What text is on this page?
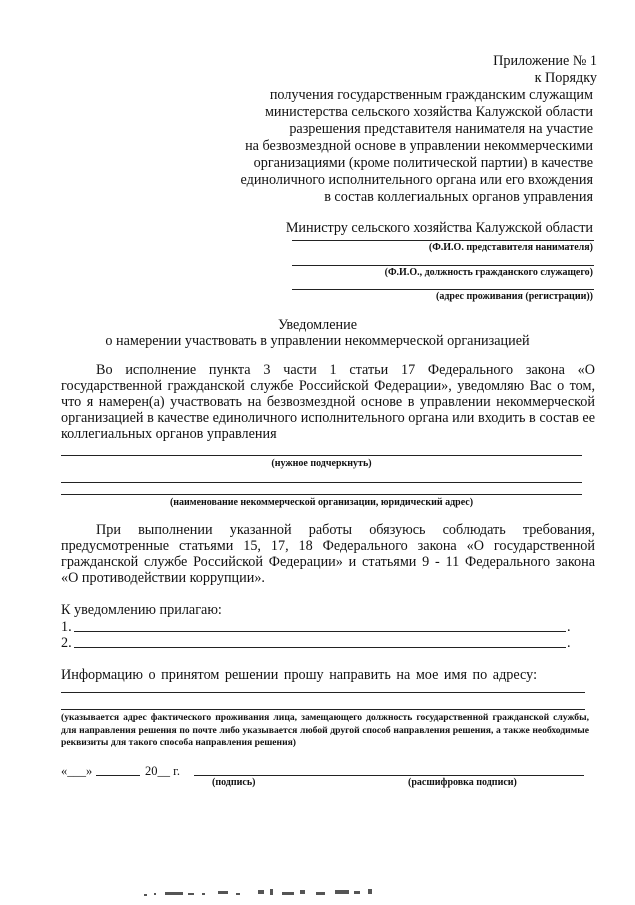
Приложение № 1
к Порядку
получения государственным гражданским служащим
министерства сельского хозяйства Калужской области
разрешения представителя нанимателя на участие
на безвозмездной основе в управлении некоммерческими
организациями (кроме политической партии) в качестве
единоличного исполнительного органа или его вхождения
в состав коллегиальных органов управления
Министру сельского хозяйства Калужской области
(Ф.И.О. представителя нанимателя)
(Ф.И.О., должность гражданского служащего)
(адрес проживания (регистрации))
Уведомление
о намерении участвовать в управлении некоммерческой организацией
Во исполнение пункта 3 части 1 статьи 17 Федерального закона «О
государственной гражданской службе Российской Федерации», уведомляю Вас о том,
что я намерен(а) участвовать на безвозмездной основе в управлении некоммерческой
организацией в качестве единоличного исполнительного органа или входить в состав ее
коллегиальных органов управления
(нужное подчеркнуть)
(наименование некоммерческой организации, юридический адрес)
При выполнении указанной работы обязуюсь соблюдать требования,
предусмотренные статьями 15, 17, 18 Федерального закона «О государственной
гражданской службе Российской Федерации» и статьями 9 - 11 Федерального закона
«О противодействии коррупции».
К уведомлению прилагаю:
1.	.
2.	.
Информацию о принятом решении прошу направить на мое имя по адресу:
(указывается адрес фактического проживания лица, замещающего должность государственной гражданской службы, для направления решения по почте либо указывается любой другой способ направления решения, а также необходимые реквизиты для такого способа направления решения)
«___»	20__ г.
(подпись)	(расшифровка подписи)
